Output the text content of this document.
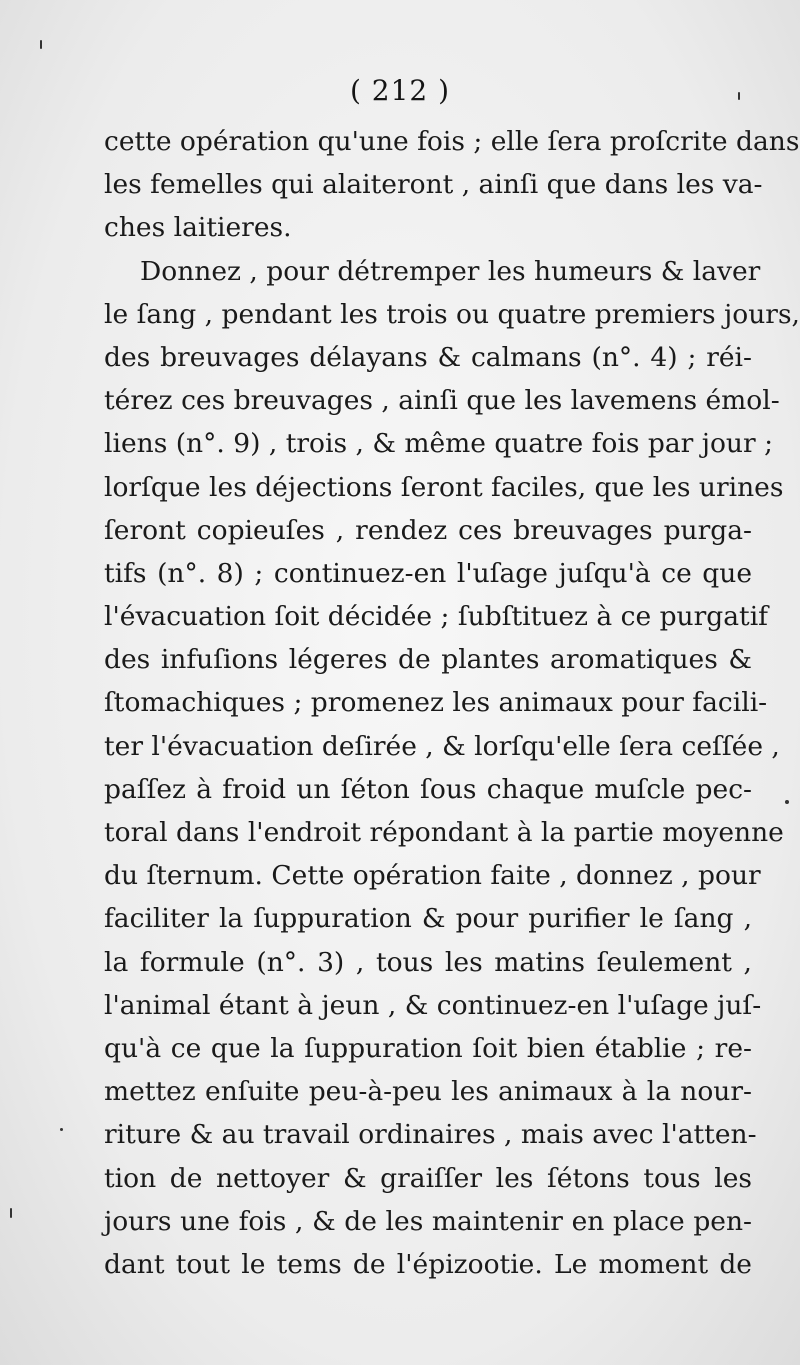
( 212 )
cette opération qu'une fois ; elle ſera proſcrite dans
les femelles qui alaiteront , ainſi que dans les va-
ches laitieres.
Donnez , pour détremper les humeurs & laver
le ſang , pendant les trois ou quatre premiers jours,
des breuvages délayans & calmans (n°. 4) ; réi-
térez ces breuvages , ainſi que les lavemens émol-
liens (n°. 9) , trois , & même quatre fois par jour ;
lorſque les déjections ſeront faciles, que les urines
ſeront copieuſes , rendez ces breuvages purga-
tifs (n°. 8) ; continuez-en l'uſage juſqu'à ce que
l'évacuation ſoit décidée ; ſubſtituez à ce purgatif
des infuſions légeres de plantes aromatiques &
ſtomachiques ; promenez les animaux pour facili-
ter l'évacuation deſirée , & lorſqu'elle ſera ceſſée ,
paſſez à froid un ſéton ſous chaque muſcle pec-
toral dans l'endroit répondant à la partie moyenne
du ſternum. Cette opération faite , donnez , pour
faciliter la ſuppuration & pour purifier le ſang ,
la formule (n°. 3) , tous les matins ſeulement ,
l'animal étant à jeun , & continuez-en l'uſage juſ-
qu'à ce que la ſuppuration ſoit bien établie ; re-
mettez enſuite peu-à-peu les animaux à la nour-
riture & au travail ordinaires , mais avec l'atten-
tion de nettoyer & graiſſer les ſétons tous les
jours une fois , & de les maintenir en place pen-
dant tout le tems de l'épizootie. Le moment de
